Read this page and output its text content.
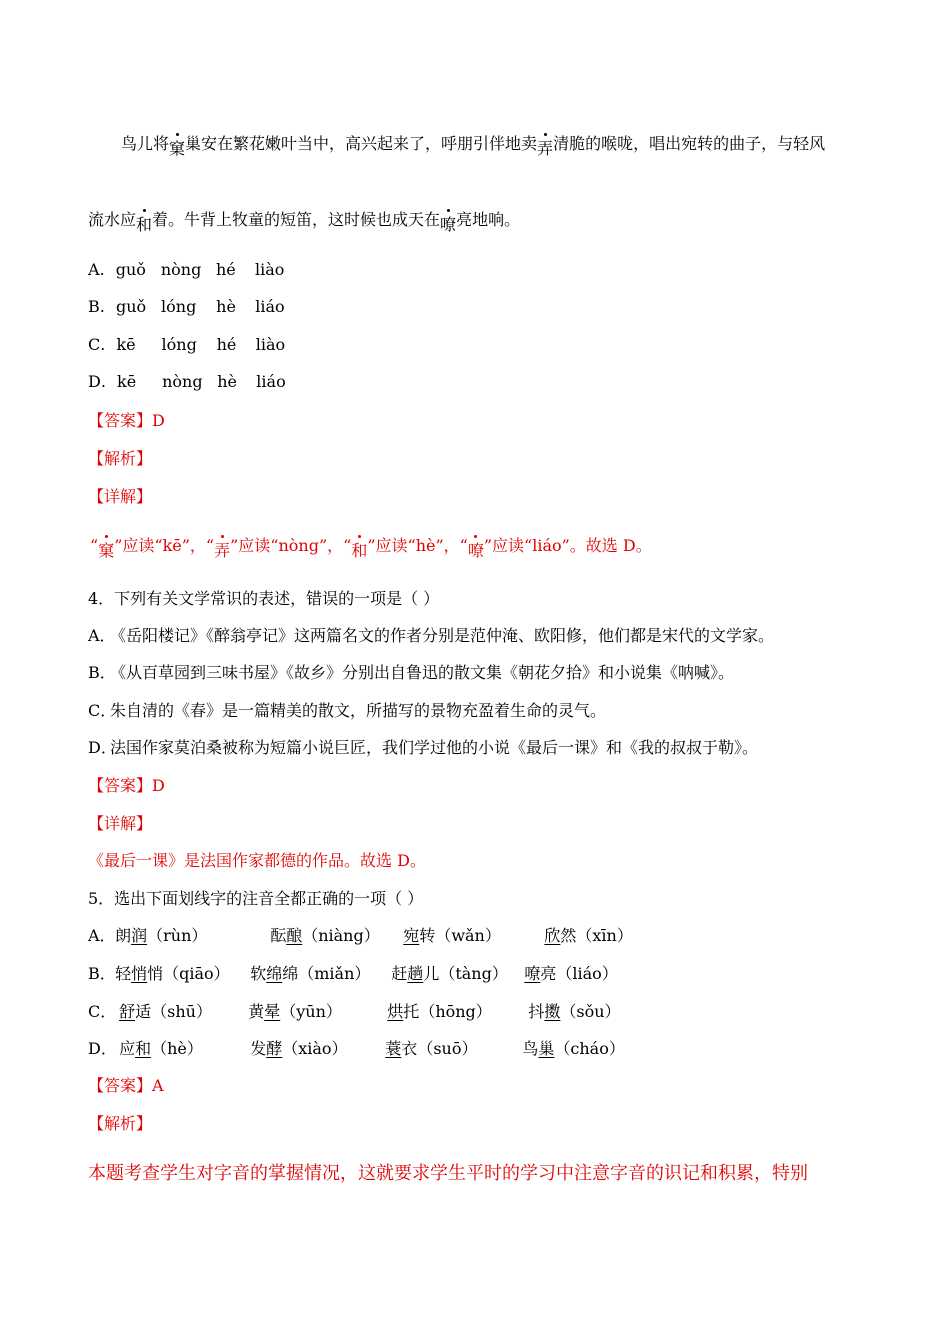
鸟儿将窠巢安在繁花嫩叶当中，高兴起来了，呼朋引伴地卖弄清脆的喉咙，唱出宛转的曲子，与轻风
流水应和着。牛背上牧童的短笛，这时候也成天在嘹亮地响。
A. guǒ nòng hé liào
B. guǒ lóng hè liáo
C. kē lóng hé liào
D. kē nòng hè liáo
【答案】D
【解析】
【详解】
“窠”应读“kē”，“弄”应读“nòng”，“和”应读“hè”，“嘹”应读“liáo”。故选 D。
4．下列有关文学常识的表述，错误的一项是（ ）
A．《岳阳楼记》《醉翁亭记》这两篇名文的作者分别是范仲淹、欧阳修，他们都是宋代的文学家。
B．《从百草园到三味书屋》《故乡》分别出自鲁迅的散文集《朝花夕拾》和小说集《呐喊》。
C．朱自清的《春》是一篇精美的散文，所描写的景物充盈着生命的灵气。
D．法国作家莫泊桑被称为短篇小说巨匠，我们学过他的小说《最后一课》和《我的叔叔于勒》。
【答案】D
【详解】
《最后一课》是法国作家都德的作品。故选 D。
5．选出下面划线字的注音全都正确的一项（ ）
A． 朗润（rùn）	酝酿（niàng） 宛转（wǎn）	欣然（xīn）
B． 轻悄悄（qiāo） 软绵绵（miǎn） 赶趟儿（tàng） 嘹亮（liáo）
C． 舒适（shū） 黄晕（yūn）	烘托（hōng） 抖擞（sǒu）
D． 应和（hè）	发酵（xiào） 蓑衣（suō）	鸟巢（cháo）
【答案】A
【解析】
本题考查学生对字音的掌握情况，这就要求学生平时的学习中注意字音的识记和积累，特别
